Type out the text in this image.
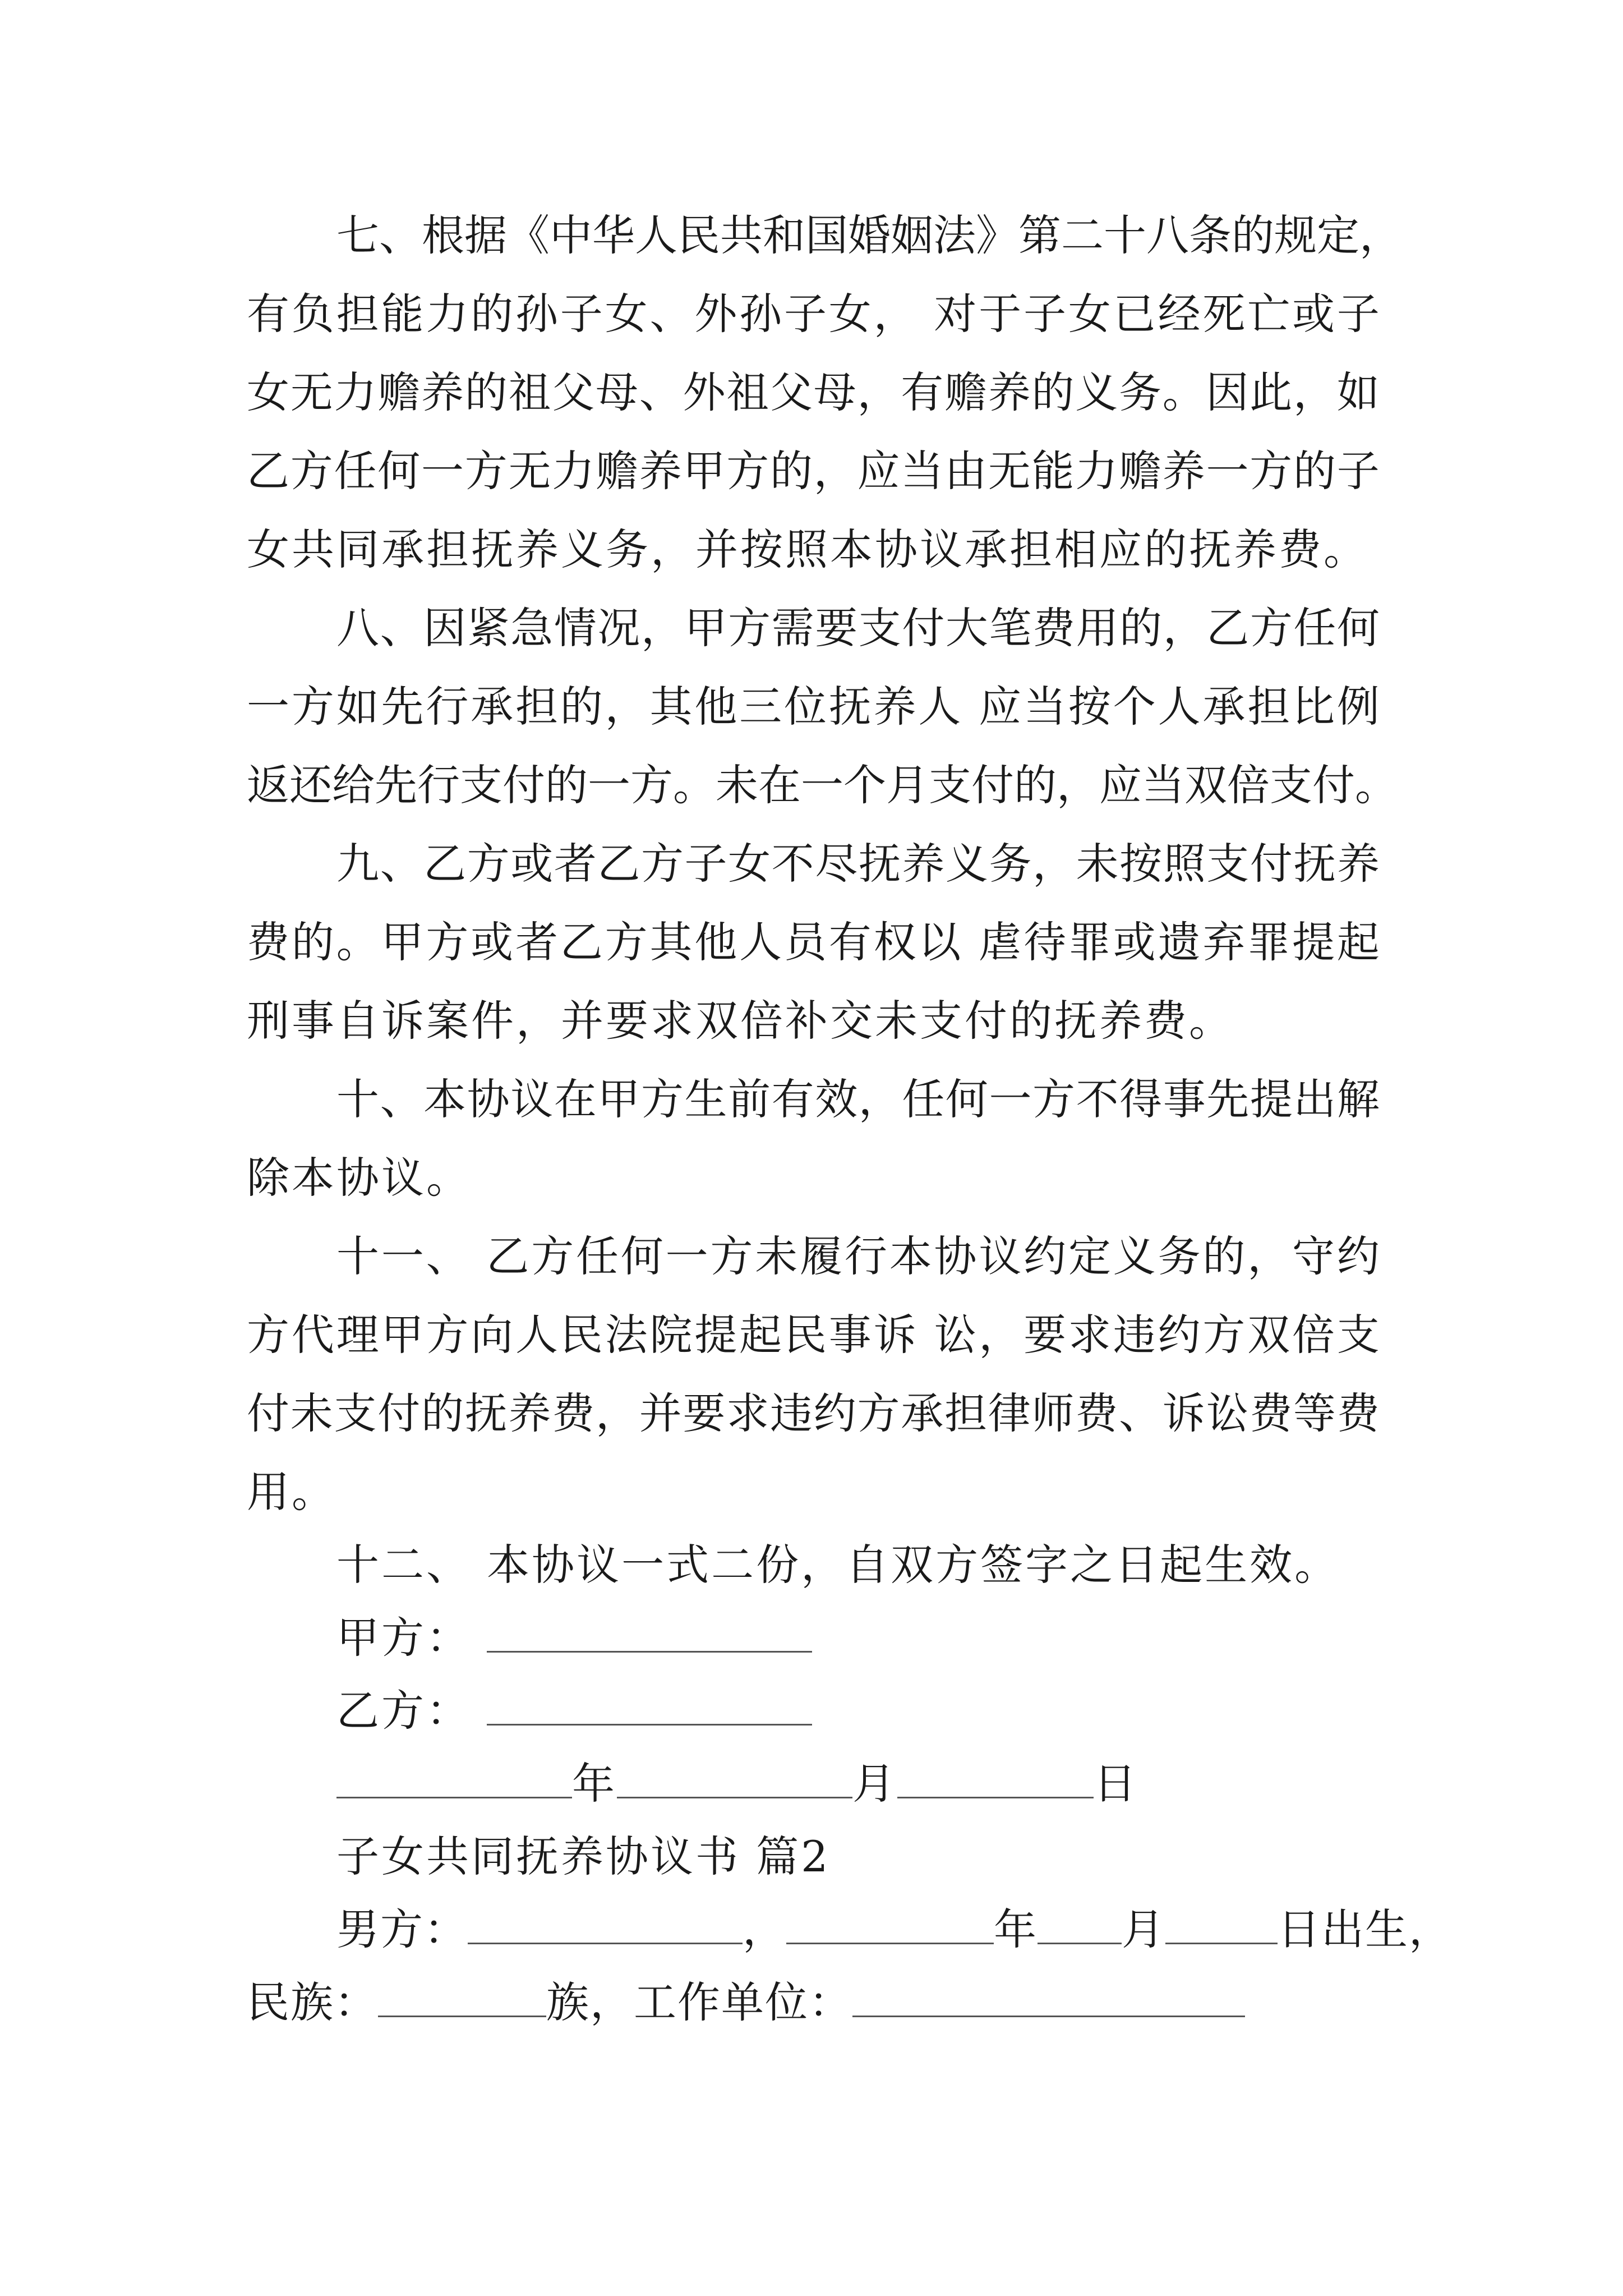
七 、 根 据 《 中 华 人 民 共 和 国 婚 姻 法 》 第 二 十 八 条 的 规 定 ，
有 负 担 能 力 的 孙 子 女 、 外 孙 子 女 ，
对 于 子 女 已 经 死 亡 或 子
女 无 力 赡 养 的 祖 父 母 、 外 祖 父 母 ， 有 赡 养 的 义 务 。 因 此 ， 如
乙 方 任 何 一 方 无 力 赡 养 甲 方 的 ， 应 当 由 无 能 力 赡 养 一 方 的 子
女共同承担抚养义务，并按照本协议承担相应的抚养费。
八 、 因 紧 急 情 况 ， 甲 方 需 要 支 付 大 笔 费 用 的 ， 乙 方 任 何
一 方 如 先 行 承 担 的 ， 其 他 三 位 抚 养 人
应 当 按 个 人 承 担 比 例
返 还 给 先 行 支 付 的 一 方 。 未 在 一 个 月 支 付 的 ， 应 当 双 倍 支 付 。
九 、 乙 方 或 者 乙 方 子 女 不 尽 抚 养 义 务 ， 未 按 照 支 付 抚 养
费 的 。 甲 方 或 者 乙 方 其 他 人 员 有 权 以
虐 待 罪 或 遗 弃 罪 提 起
刑事自诉案件，并要求双倍补交未支付的抚养费。
十 、 本 协 议 在 甲 方 生 前 有 效 ， 任 何 一 方 不 得 事 先 提 出 解
除本协议。
十 一 、
乙 方 任 何 一 方 未 履 行 本 协 议 约 定 义 务 的 ， 守 约
方 代 理 甲 方 向 人 民 法 院 提 起 民 事 诉
讼 ， 要 求 违 约 方 双 倍 支
付 未 支 付 的 抚 养 费 ， 并 要 求 违 约 方 承 担 律 师 费 、 诉 讼 费 等 费
用。
十二、 本协议一式二份，自双方签字之日起生效。
甲方：
乙方：
年	月	日
子女共同抚养协议书 篇2
男方：	，	年 月	日出生，
民族：	族，工作单位：
